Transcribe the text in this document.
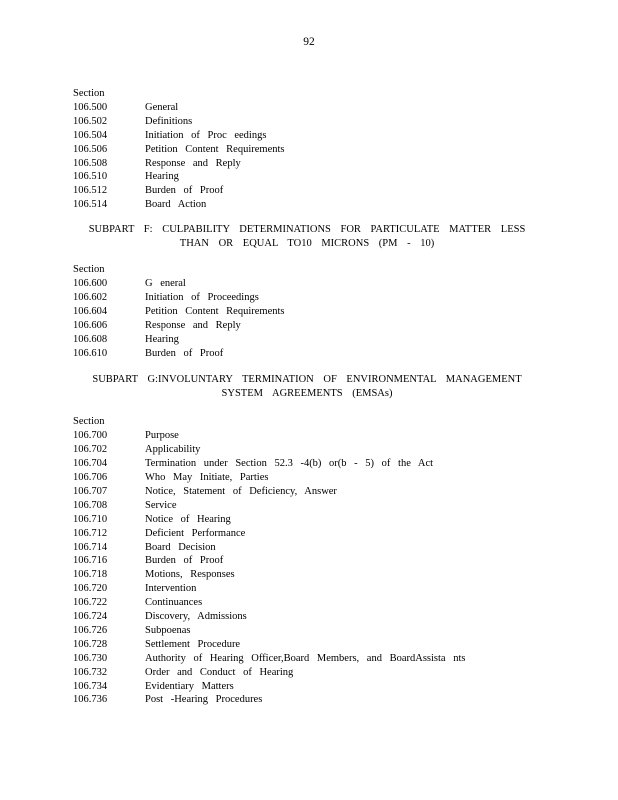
92
Section
106.500	General
106.502	Definitions
106.504	Initiation of Proc eedings
106.506	Petition Content Requirements
106.508	Response and Reply
106.510	Hearing
106.512	Burden of Proof
106.514	Board Action
SUBPART F: CULPABILITY DETERMINATIONS FOR PARTICULATE MATTER LESS
THAN OR EQUAL TO10 MICRONS (PM - 10)
Section
106.600	G eneral
106.602	Initiation of Proceedings
106.604	Petition Content Requirements
106.606	Response and Reply
106.608	Hearing
106.610	Burden of Proof
SUBPART G:INVOLUNTARY TERMINATION OF ENVIRONMENTAL MANAGEMENT
SYSTEM AGREEMENTS (EMSAs)
Section
106.700	Purpose
106.702	Applicability
106.704	Termination under Section 52.3 -4(b) or(b - 5) of the Act
106.706	Who May Initiate, Parties
106.707	Notice, Statement of Deficiency, Answer
106.708	Service
106.710	Notice of Hearing
106.712	Deficient Performance
106.714	Board Decision
106.716	Burden of Proof
106.718	Motions, Responses
106.720	Intervention
106.722	Continuances
106.724	Discovery, Admissions
106.726	Subpoenas
106.728	Settlement Procedure
106.730	Authority of Hearing Officer,Board Members, and BoardAssista nts
106.732	Order and Conduct of Hearing
106.734	Evidentiary Matters
106.736	Post -Hearing Procedures
